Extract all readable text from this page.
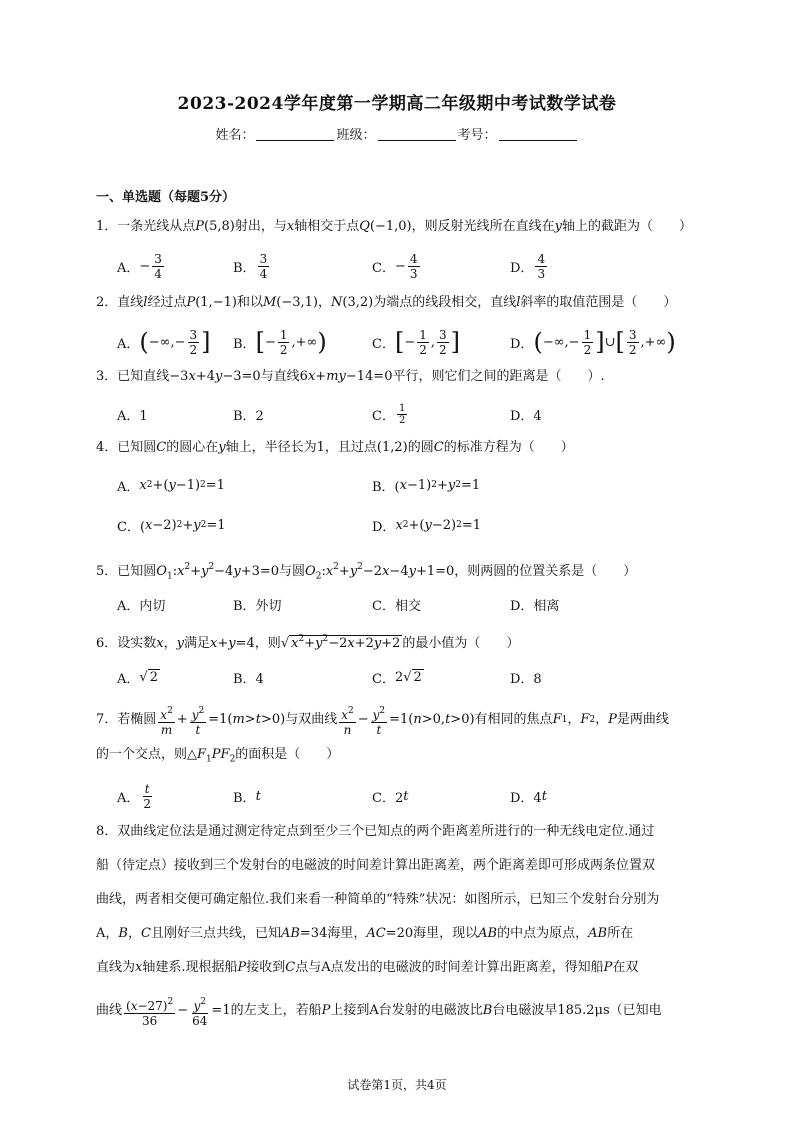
2023-2024学年度第一学期高二年级期中考试数学试卷
姓名：	班级：	考号：
一、单选题（每题5分）
1．一条光线从点P(5,8)射出，与x轴相交于点Q(−1,0)，则反射光线所在直线在y轴上的截距为（　　）
A． − $\frac{3}{4}$	B． $\frac{3}{4}$	C． − $\frac{4}{3}$	D． $\frac{4}{3}$
2．直线l经过点P(1,−1)和以M(−3,1)，N(3,2)为端点的线段相交，直线l斜率的取值范围是（　　）
A． ( −∞,− $\frac{3}{2}$ ] B． [ − $\frac{1}{2}$ ,+∞ )	C． [ − $\frac{1}{2}$ , $\frac{3}{2}$ ]	D． ( −∞,− $\frac{1}{2}$ ] ∪ [ $\frac{3}{2}$ ,+∞ )
3．已知直线−3x+4y−3=0与直线6x+my−14=0平行，则它们之间的距离是（　　）.
A．1	B．2	C． $\frac{1}{2}$	D．4
4．已知圆C的圆心在y轴上，半径长为1，且过点(1,2)的圆C的标准方程为（　　）
A． x 2 +( y −1) 2 =1	B．( x −1) 2 + y 2 =1
C．( x −2) 2 + y 2 =1	D． x 2 +( y −2) 2 =1
5．已知圆$O_1:x^2+y^2-4y+3=0$与圆$O_2:x^2+y^2-2x-4y+1=0$，则两圆的位置关系是（　　）
A．内切	B．外切	C．相交	D．相离
6．设实数x，y满足x+y=4，则√ $x^2+y^2-2x+2y+2$ 的最小值为（　　）
A． √ 2	B．4	C． 2√ 2	D．8
7．若椭圆 $\frac{x^2}{m} + \frac{y^2}{t} =1$( m > t >0) 与双曲线 $\frac{x^2}{n} - \frac{y^2}{t} =1$( n >0, t >0) 有相同的焦点 F 1 ， F 2 ， P 是两曲线
的一个交点，则$\triangle F_1PF_2$的面积是（　　）
A． $\frac{t}{2}$	B． t	C．2 t	D．4 t
8．双曲线定位法是通过测定待定点到至少三个已知点的两个距离差所进行的一种无线电定位.通过
船（待定点）接收到三个发射台的电磁波的时间差计算出距离差，两个距离差即可形成两条位置双
曲线，两者相交便可确定船位.我们来看一种简单的“特殊”状况：如图所示，已知三个发射台分别为
A，B，C且刚好三点共线，已知AB=34海里，AC=20海里，现以AB的中点为原点，AB所在
直线为x轴建系.现根据船P接收到C点与A点发出的电磁波的时间差计算出距离差，得知船P在双
曲线 $\frac{(x-27)^2}{36} - \frac{y^2}{64} =1$ 的左支上，若船 P 上接到A台发射的电磁波比 B 台电磁波早185.2μs（已知电
试卷第1页，共4页
